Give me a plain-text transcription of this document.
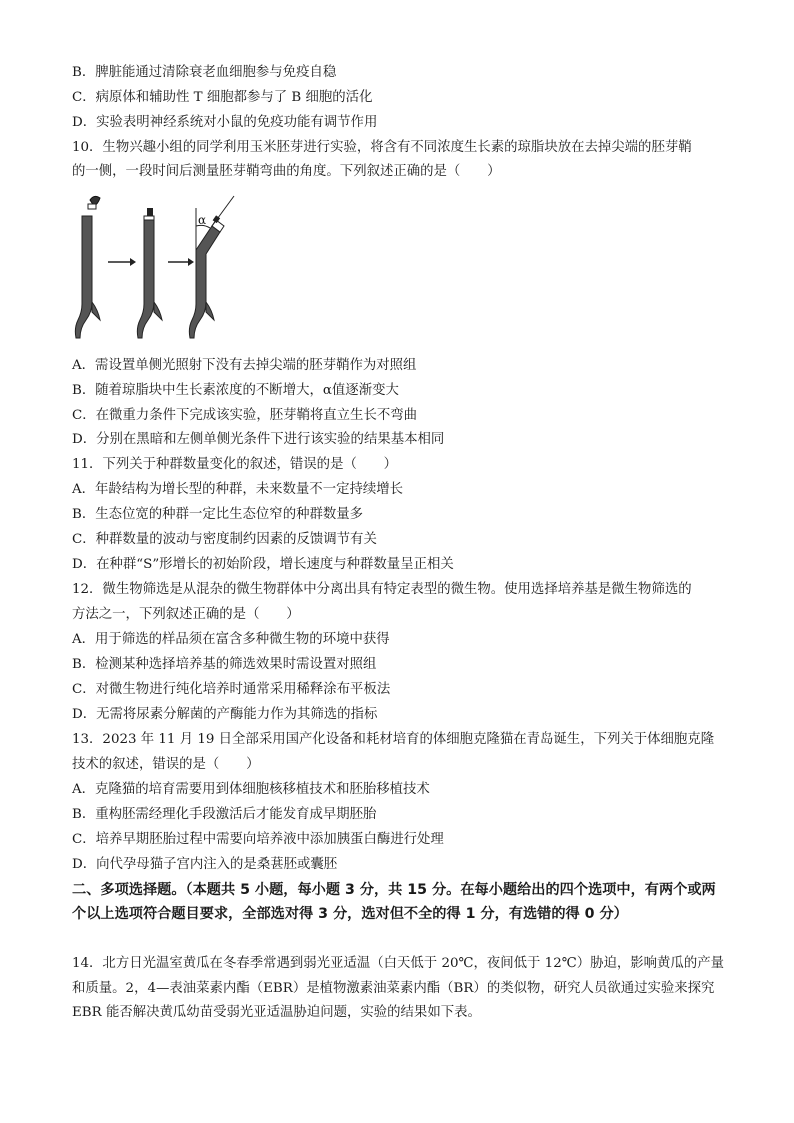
B．脾脏能通过清除衰老血细胞参与免疫自稳
C．病原体和辅助性 T 细胞都参与了 B 细胞的活化
D．实验表明神经系统对小鼠的免疫功能有调节作用
10．生物兴趣小组的同学利用玉米胚芽进行实验，将含有不同浓度生长素的琼脂块放在去掉尖端的胚芽鞘
的一侧，一段时间后测量胚芽鞘弯曲的角度。下列叙述正确的是（　　）
α
A．需设置单侧光照射下没有去掉尖端的胚芽鞘作为对照组
B．随着琼脂块中生长素浓度的不断增大，α值逐渐变大
C．在微重力条件下完成该实验，胚芽鞘将直立生长不弯曲
D．分别在黑暗和左侧单侧光条件下进行该实验的结果基本相同
11．下列关于种群数量变化的叙述，错误的是（　　）
A．年龄结构为增长型的种群，未来数量不一定持续增长
B．生态位宽的种群一定比生态位窄的种群数量多
C．种群数量的波动与密度制约因素的反馈调节有关
D．在种群“S”形增长的初始阶段，增长速度与种群数量呈正相关
12．微生物筛选是从混杂的微生物群体中分离出具有特定表型的微生物。使用选择培养基是微生物筛选的
方法之一，下列叙述正确的是（　　）
A．用于筛选的样品须在富含多种微生物的环境中获得
B．检测某种选择培养基的筛选效果时需设置对照组
C．对微生物进行纯化培养时通常采用稀释涂布平板法
D．无需将尿素分解菌的产酶能力作为其筛选的指标
13．2023 年 11 月 19 日全部采用国产化设备和耗材培育的体细胞克隆猫在青岛诞生，下列关于体细胞克隆
技术的叙述，错误的是（　　）
A．克隆猫的培育需要用到体细胞核移植技术和胚胎移植技术
B．重构胚需经理化手段激活后才能发育成早期胚胎
C．培养早期胚胎过程中需要向培养液中添加胰蛋白酶进行处理
D．向代孕母猫子宫内注入的是桑葚胚或囊胚
二、多项选择题。（本题共 5 小题，每小题 3 分，共 15 分。在每小题给出的四个选项中，有两个或两个以上选项符合题目要求，全部选对得 3 分，选对但不全的得 1 分，有选错的得 0 分）
14．北方日光温室黄瓜在冬春季常遇到弱光亚适温（白天低于 20℃，夜间低于 12℃）胁迫，影响黄瓜的产量和质量。2，4—表油菜素内酯（EBR）是植物激素油菜素内酯（BR）的类似物，研究人员欲通过实验来探究 EBR 能否解决黄瓜幼苗受弱光亚适温胁迫问题，实验的结果如下表。
